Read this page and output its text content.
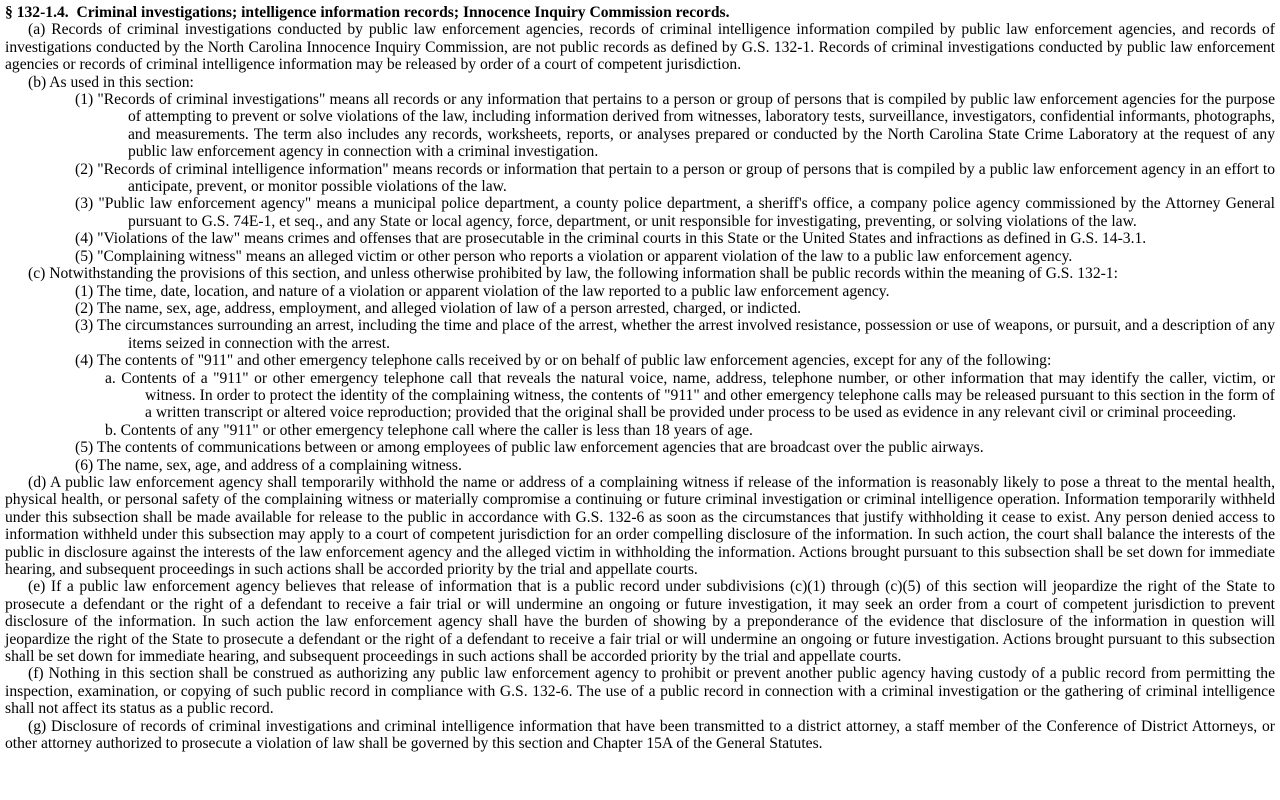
§ 132-1.4.  Criminal investigations; intelligence information records; Innocence Inquiry Commission records.

(a) Records of criminal investigations conducted by public law enforcement agencies, records of criminal intelligence information compiled by public law enforcement agencies, and records of investigations conducted by the North Carolina Innocence Inquiry Commission, are not public records as defined by G.S. 132-1. Records of criminal investigations conducted by public law enforcement agencies or records of criminal intelligence information may be released by order of a court of competent jurisdiction.

(b) As used in this section:

(1) "Records of criminal investigations" means all records or any information that pertains to a person or group of persons that is compiled by public law enforcement agencies for the purpose of attempting to prevent or solve violations of the law, including information derived from witnesses, laboratory tests, surveillance, investigators, confidential informants, photographs, and measurements. The term also includes any records, worksheets, reports, or analyses prepared or conducted by the North Carolina State Crime Laboratory at the request of any public law enforcement agency in connection with a criminal investigation.
(2) "Records of criminal intelligence information" means records or information that pertain to a person or group of persons that is compiled by a public law enforcement agency in an effort to anticipate, prevent, or monitor possible violations of the law.
(3) "Public law enforcement agency" means a municipal police department, a county police department, a sheriff's office, a company police agency commissioned by the Attorney General pursuant to G.S. 74E-1, et seq., and any State or local agency, force, department, or unit responsible for investigating, preventing, or solving violations of the law.
(4) "Violations of the law" means crimes and offenses that are prosecutable in the criminal courts in this State or the United States and infractions as defined in G.S. 14-3.1.
(5) "Complaining witness" means an alleged victim or other person who reports a violation or apparent violation of the law to a public law enforcement agency.

(c) Notwithstanding the provisions of this section, and unless otherwise prohibited by law, the following information shall be public records within the meaning of G.S. 132-1:

(1) The time, date, location, and nature of a violation or apparent violation of the law reported to a public law enforcement agency.
(2) The name, sex, age, address, employment, and alleged violation of law of a person arrested, charged, or indicted.
(3) The circumstances surrounding an arrest, including the time and place of the arrest, whether the arrest involved resistance, possession or use of weapons, or pursuit, and a description of any items seized in connection with the arrest.
(4) The contents of "911" and other emergency telephone calls received by or on behalf of public law enforcement agencies, except for any of the following:
a. Contents of a "911" or other emergency telephone call that reveals the natural voice, name, address, telephone number, or other information that may identify the caller, victim, or witness. In order to protect the identity of the complaining witness, the contents of "911" and other emergency telephone calls may be released pursuant to this section in the form of a written transcript or altered voice reproduction; provided that the original shall be provided under process to be used as evidence in any relevant civil or criminal proceeding.
b. Contents of any "911" or other emergency telephone call where the caller is less than 18 years of age.
(5) The contents of communications between or among employees of public law enforcement agencies that are broadcast over the public airways.
(6) The name, sex, age, and address of a complaining witness.

(d) A public law enforcement agency shall temporarily withhold the name or address of a complaining witness if release of the information is reasonably likely to pose a threat to the mental health, physical health, or personal safety of the complaining witness or materially compromise a continuing or future criminal investigation or criminal intelligence operation. Information temporarily withheld under this subsection shall be made available for release to the public in accordance with G.S. 132-6 as soon as the circumstances that justify withholding it cease to exist. Any person denied access to information withheld under this subsection may apply to a court of competent jurisdiction for an order compelling disclosure of the information. In such action, the court shall balance the interests of the public in disclosure against the interests of the law enforcement agency and the alleged victim in withholding the information. Actions brought pursuant to this subsection shall be set down for immediate hearing, and subsequent proceedings in such actions shall be accorded priority by the trial and appellate courts.

(e) If a public law enforcement agency believes that release of information that is a public record under subdivisions (c)(1) through (c)(5) of this section will jeopardize the right of the State to prosecute a defendant or the right of a defendant to receive a fair trial or will undermine an ongoing or future investigation, it may seek an order from a court of competent jurisdiction to prevent disclosure of the information. In such action the law enforcement agency shall have the burden of showing by a preponderance of the evidence that disclosure of the information in question will jeopardize the right of the State to prosecute a defendant or the right of a defendant to receive a fair trial or will undermine an ongoing or future investigation. Actions brought pursuant to this subsection shall be set down for immediate hearing, and subsequent proceedings in such actions shall be accorded priority by the trial and appellate courts.

(f) Nothing in this section shall be construed as authorizing any public law enforcement agency to prohibit or prevent another public agency having custody of a public record from permitting the inspection, examination, or copying of such public record in compliance with G.S. 132-6. The use of a public record in connection with a criminal investigation or the gathering of criminal intelligence shall not affect its status as a public record.

(g) Disclosure of records of criminal investigations and criminal intelligence information that have been transmitted to a district attorney, a staff member of the Conference of District Attorneys, or other attorney authorized to prosecute a violation of law shall be governed by this section and Chapter 15A of the General Statutes.
